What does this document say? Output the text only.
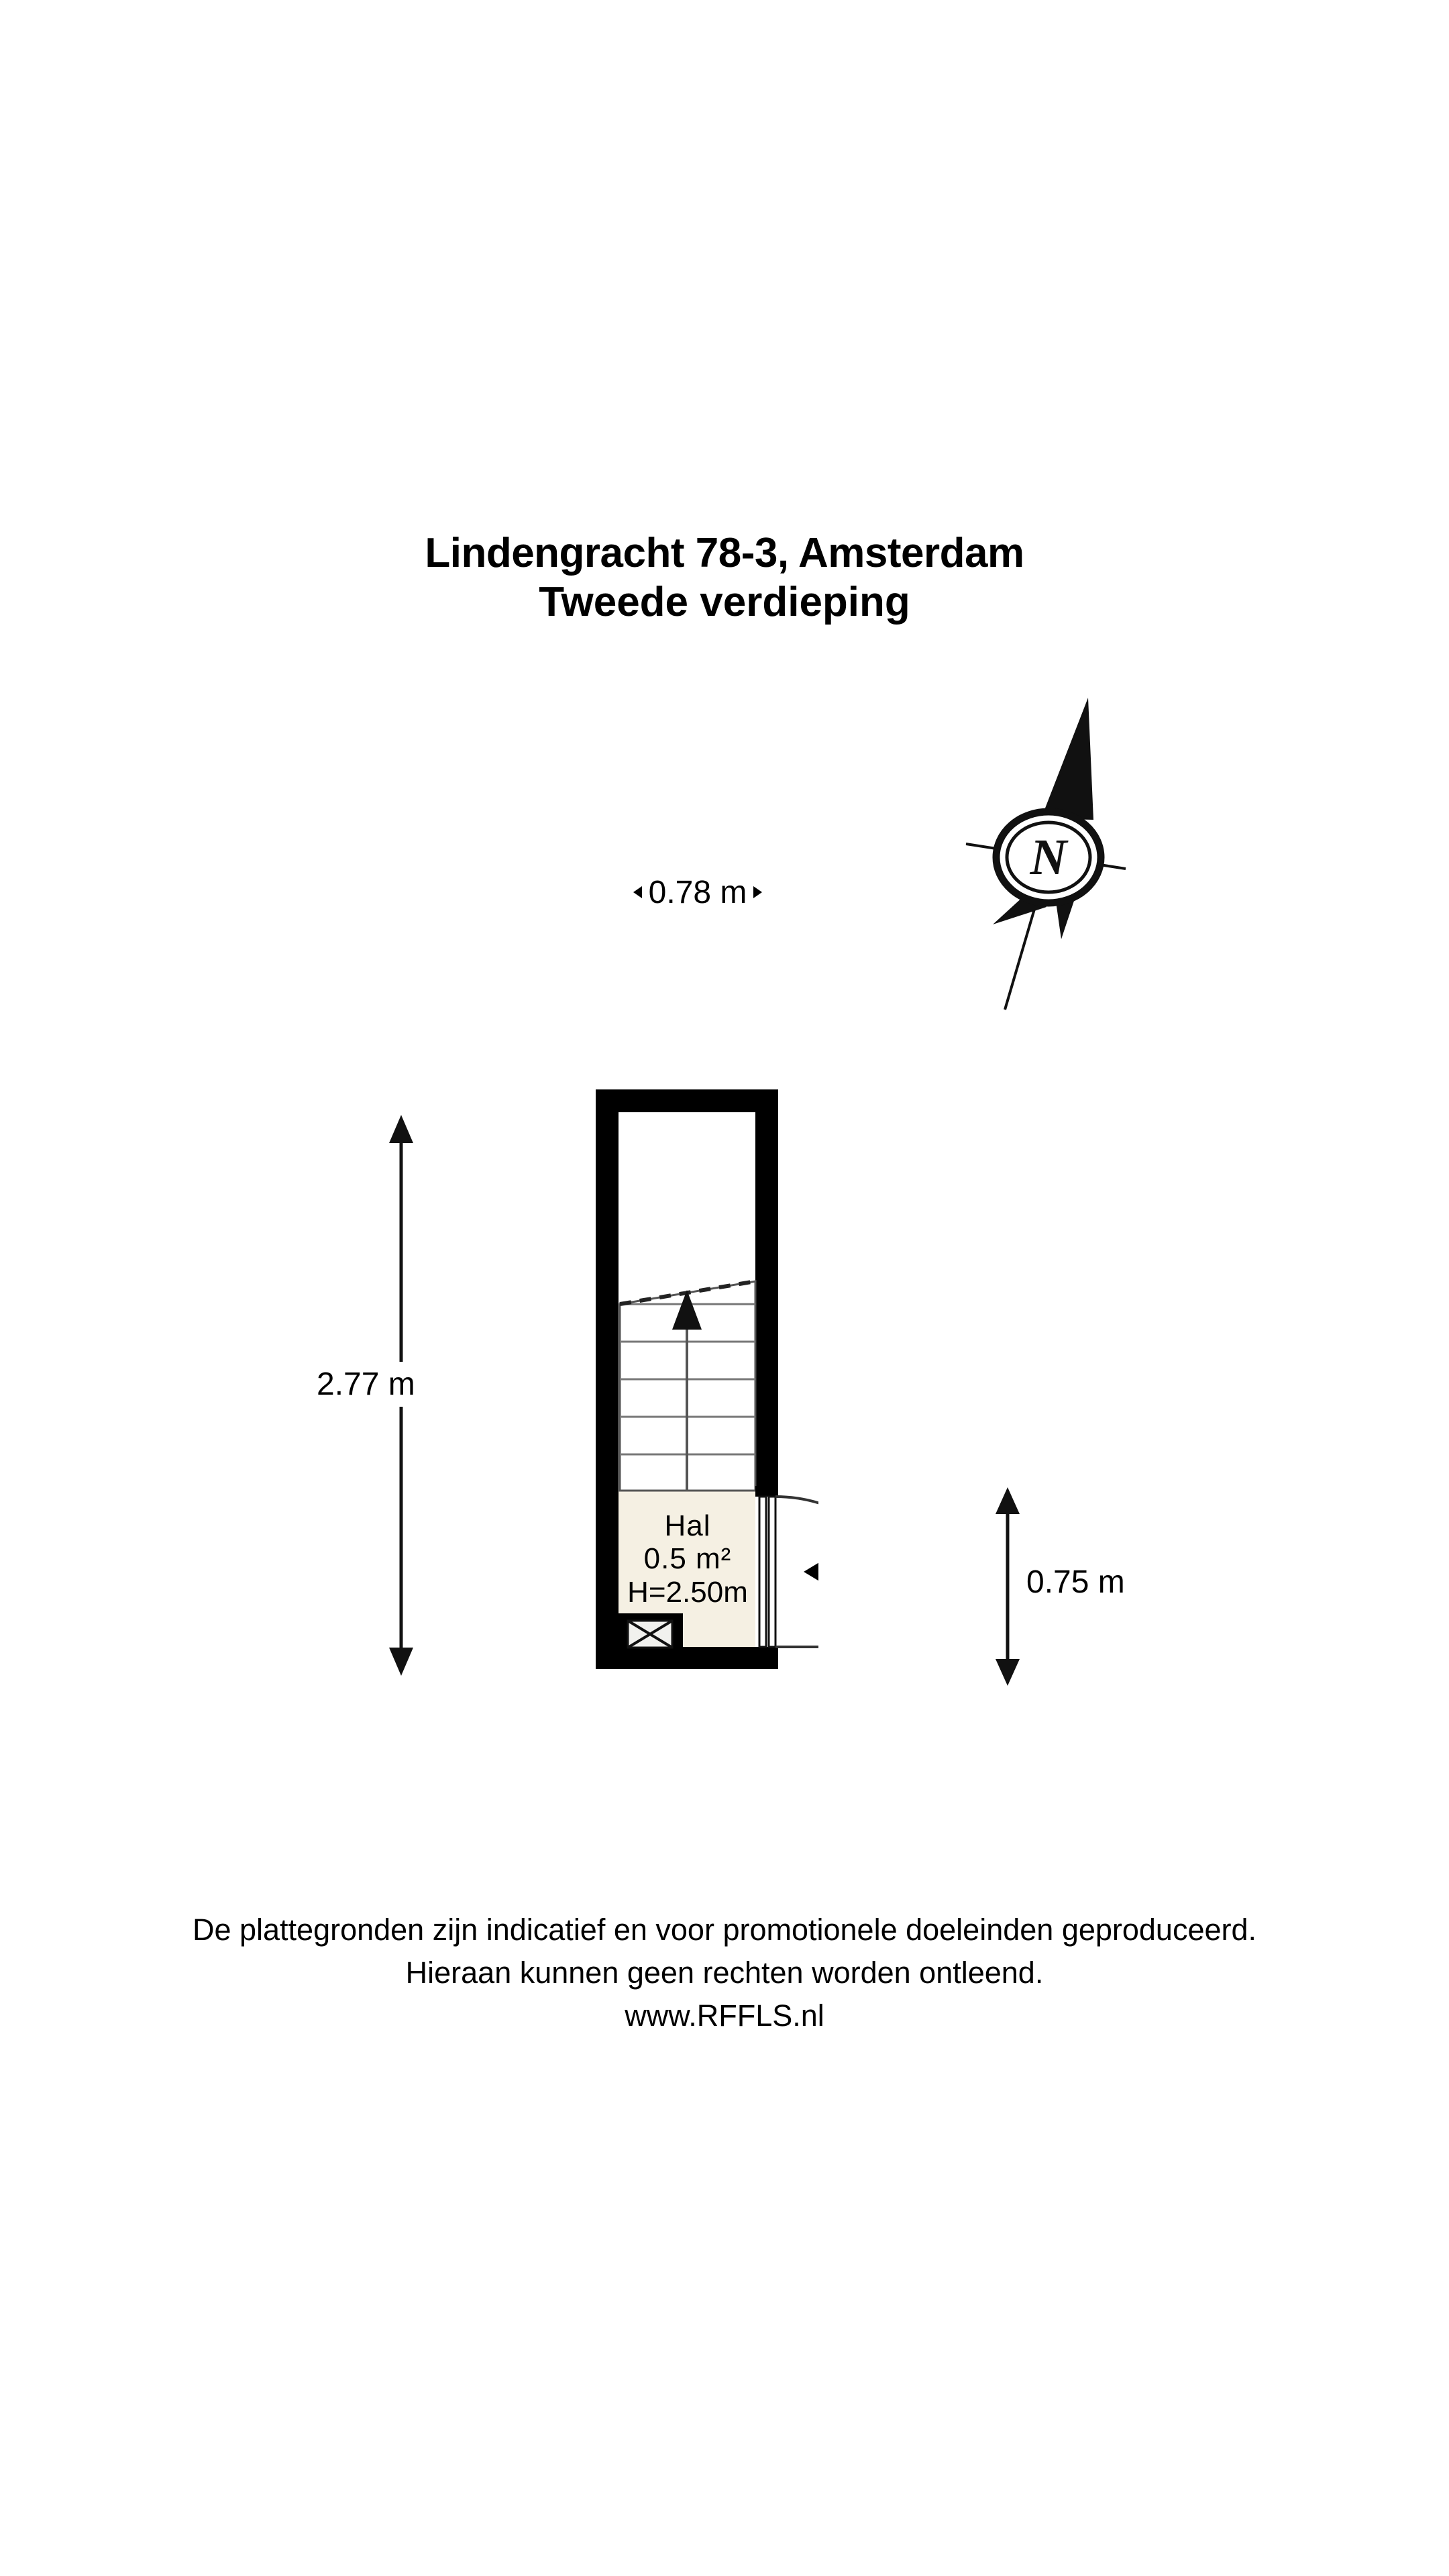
Lindengracht 78-3, Amsterdam
Tweede verdieping
N
0.78 m
2.77 m
0.75 m
Hal
0.5 m²
H=2.50m
De plattegronden zijn indicatief en voor promotionele doeleinden geproduceerd.
Hieraan kunnen geen rechten worden ontleend.
www.RFFLS.nl
